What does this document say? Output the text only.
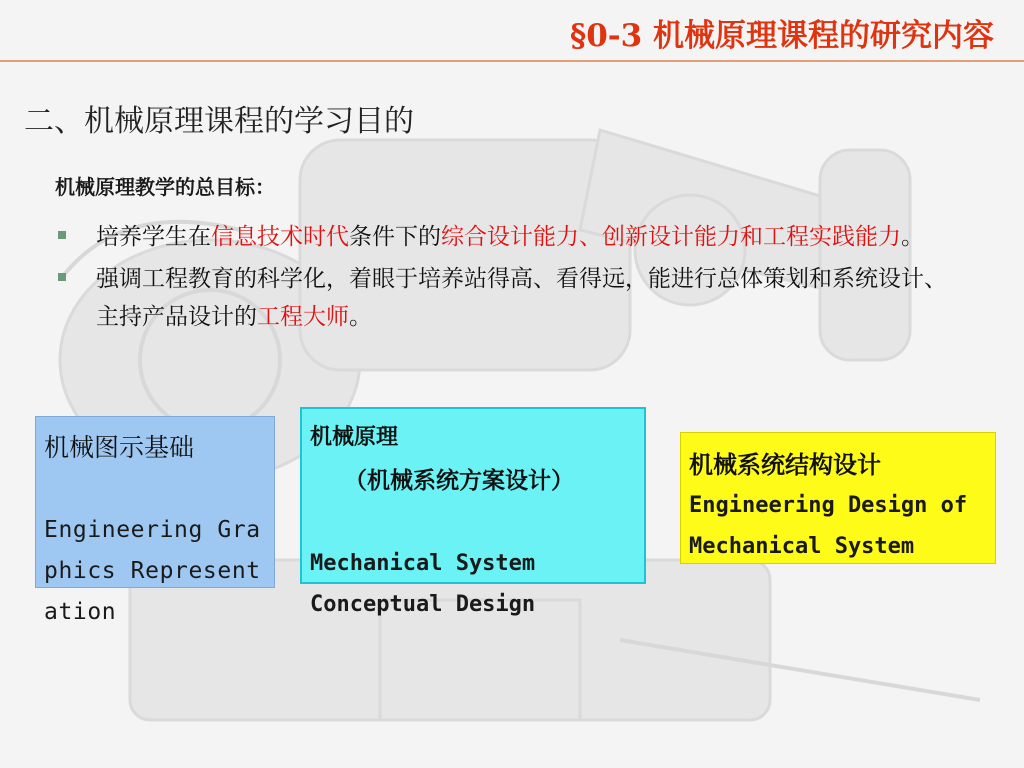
§0-3 机械原理课程的研究内容
二、机械原理课程的学习目的
机械原理教学的总目标：
培养学生在信息技术时代条件下的综合设计能力、创新设计能力和工程实践能力。
强调工程教育的科学化，着眼于培养站得高、看得远，能进行总体策划和系统设计、主持产品设计的工程大师。
机械图示基础
Engineering Graphics Representation
机械原理
（机械系统方案设计）
Mechanical System Conceptual Design
机械系统结构设计
Engineering Design of Mechanical System
